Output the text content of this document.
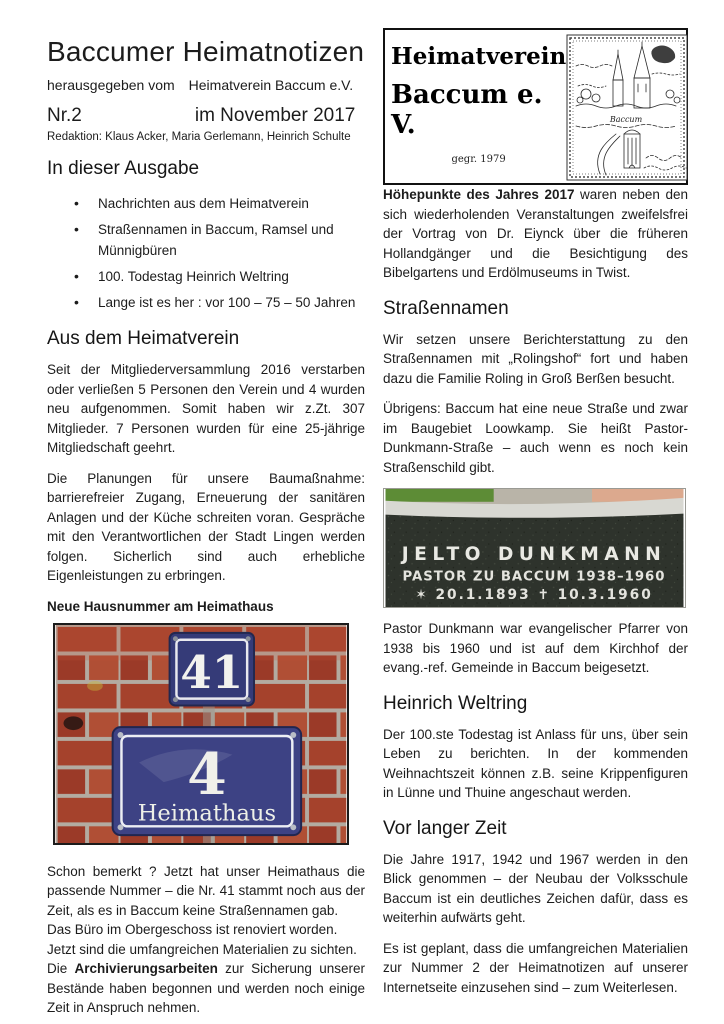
Baccumer Heimatnotizen
herausgegeben vom Heimatverein Baccum e.V.
Nr.2	im November 2017
Redaktion: Klaus Acker, Maria Gerlemann, Heinrich Schulte
In dieser Ausgabe
• Nachrichten aus dem Heimatverein
• Straßennamen in Baccum, Ramsel und Münnigbüren
• 100. Todestag Heinrich Weltring
• Lange ist es her : vor 100 – 75 – 50 Jahren
Aus dem Heimatverein

Seit der Mitgliederversammlung 2016 verstarben oder verließen 5 Personen den Verein und 4 wurden neu aufgenommen. Somit haben wir z.Zt. 307 Mitglieder. 7 Personen wurden für eine 25-jährige Mitgliedschaft geehrt.

Die Planungen für unsere Baumaßnahme: barrierefreier Zugang, Erneuerung der sanitären Anlagen und der Küche schreiten voran. Gespräche mit den Verantwortlichen der Stadt Lingen werden folgen. Sicherlich sind auch erhebliche Eigenleistungen zu erbringen.

Neue Hausnummer am Heimathaus
41
4
Heimathaus
Schon bemerkt ? Jetzt hat unser Heimathaus die passende Nummer – die Nr. 41 stammt noch aus der Zeit, als es in Baccum keine Straßennamen gab.
Das Büro im Obergeschoss ist renoviert worden.
Jetzt sind die umfangreichen Materialien zu sichten.
Die Archivierungsarbeiten zur Sicherung unserer Bestände haben begonnen und werden noch einige Zeit in Anspruch nehmen.
Heimatverein
Baccum e. V.
gegr. 1979
Baccum

Höhepunkte des Jahres 2017 waren neben den sich wiederholenden Veranstaltungen zweifelsfrei der Vortrag von Dr. Eiynck über die früheren Hollandgänger und die Besichtigung des Bibelgartens und Erdölmuseums in Twist.

Straßennamen

Wir setzen unsere Berichterstattung zu den Straßennamen mit „Rolingshof“ fort und haben dazu die Familie Roling in Groß Berßen besucht.

Übrigens: Baccum hat eine neue Straße und zwar im Baugebiet Loowkamp. Sie heißt Pastor-Dunkmann-Straße – auch wenn es noch kein Straßenschild gibt.

JELTO DUNKMANN
PASTOR ZU BACCUM 1938–1960
✶ 20.1.1893 ✝ 10.3.1960

Pastor Dunkmann war evangelischer Pfarrer von 1938 bis 1960 und ist auf dem Kirchhof der evang.-ref. Gemeinde in Baccum beigesetzt.

Heinrich Weltring

Der 100.ste Todestag ist Anlass für uns, über sein Leben zu berichten. In der kommenden Weihnachtszeit können z.B. seine Krippenfiguren in Lünne und Thuine angeschaut werden.

Vor langer Zeit

Die Jahre 1917, 1942 und 1967 werden in den Blick genommen – der Neubau der Volksschule Baccum ist ein deutliches Zeichen dafür, dass es weiterhin aufwärts geht.

Es ist geplant, dass die umfangreichen Materialien zur Nummer 2 der Heimatnotizen auf unserer Internetseite einzusehen sind – zum Weiterlesen.
